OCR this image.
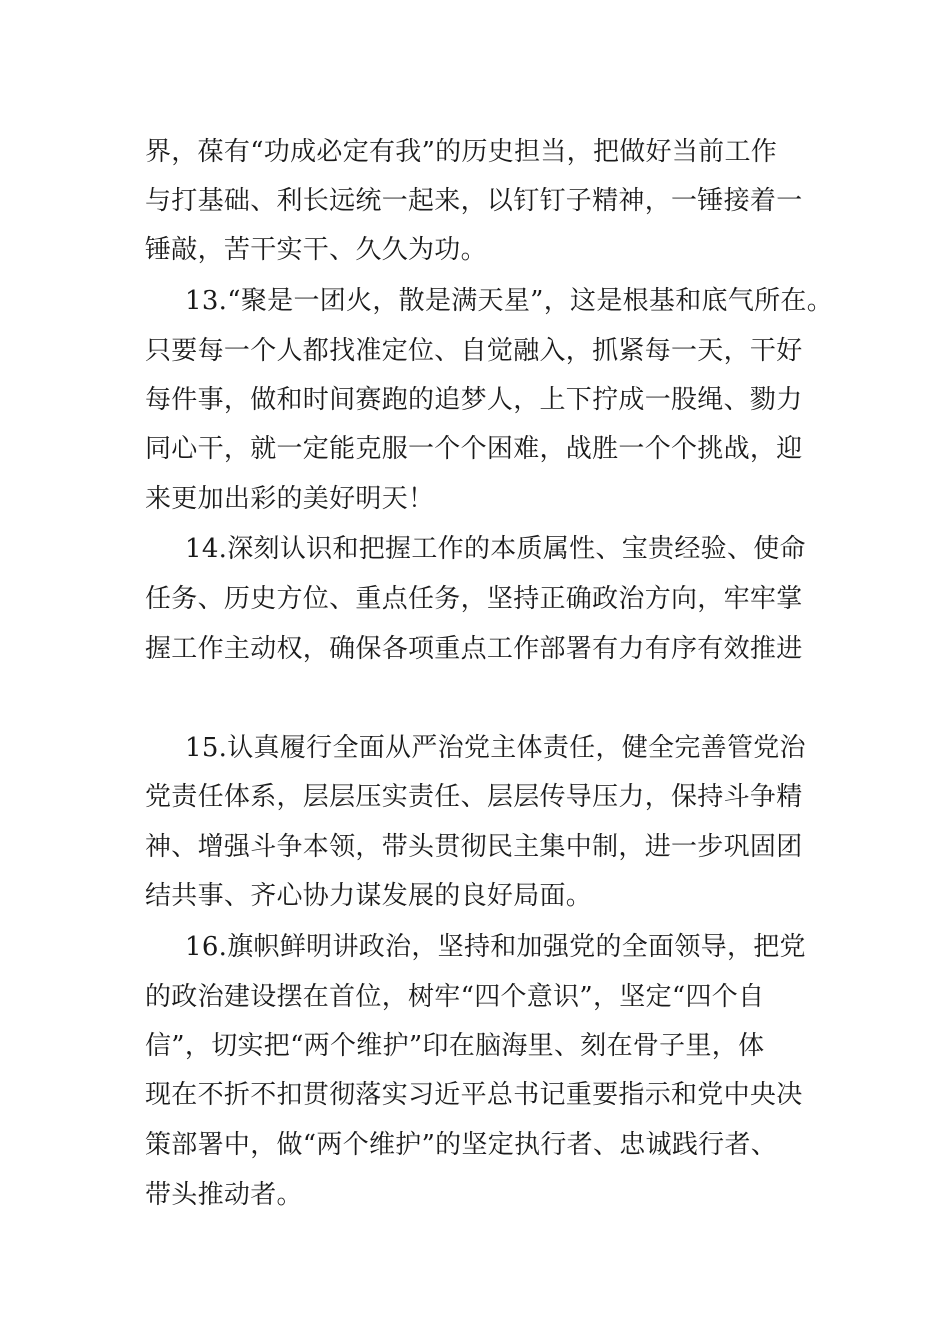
界，葆有“功成必定有我”的历史担当，把做好当前工作
与打基础、利长远统一起来，以钉钉子精神，一锤接着一
锤敲，苦干实干、久久为功。
13.“聚是一团火，散是满天星”，这是根基和底气所在。
只要每一个人都找准定位、自觉融入，抓紧每一天，干好
每件事，做和时间赛跑的追梦人，上下拧成一股绳、勠力
同心干，就一定能克服一个个困难，战胜一个个挑战，迎
来更加出彩的美好明天！
14.深刻认识和把握工作的本质属性、宝贵经验、使命
任务、历史方位、重点任务，坚持正确政治方向，牢牢掌
握工作主动权，确保各项重点工作部署有力有序有效推进
15.认真履行全面从严治党主体责任，健全完善管党治
党责任体系，层层压实责任、层层传导压力，保持斗争精
神、增强斗争本领，带头贯彻民主集中制，进一步巩固团
结共事、齐心协力谋发展的良好局面。
16.旗帜鲜明讲政治，坚持和加强党的全面领导，把党
的政治建设摆在首位，树牢“四个意识”，坚定“四个自
信”，切实把“两个维护”印在脑海里、刻在骨子里，体
现在不折不扣贯彻落实习近平总书记重要指示和党中央决
策部署中，做“两个维护”的坚定执行者、忠诚践行者、
带头推动者。
